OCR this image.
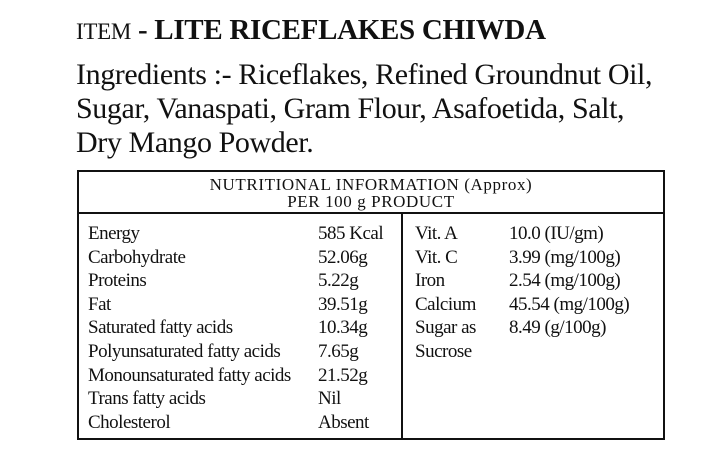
ITEM - LITE RICEFLAKES CHIWDA
Ingredients :- Riceflakes, Refined Groundnut Oil,
Sugar, Vanaspati, Gram Flour, Asafoetida, Salt,
Dry Mango Powder.
NUTRITIONAL INFORMATION (Approx)
PER 100 g PRODUCT
Energy	585 Kcal
Carbohydrate	52.06g
Proteins	5.22g
Fat	39.51g
Saturated fatty acids	10.34g
Polyunsaturated fatty acids 7.65g
Monounsaturated fatty acids 21.52g
Trans fatty acids	Nil
Cholesterol	Absent
Vit. A	10.0 (IU/gm)
Vit. C	3.99 (mg/100g)
Iron	2.54 (mg/100g)
Calcium 45.54 (mg/100g)
Sugar as 8.49 (g/100g)
Sucrose
